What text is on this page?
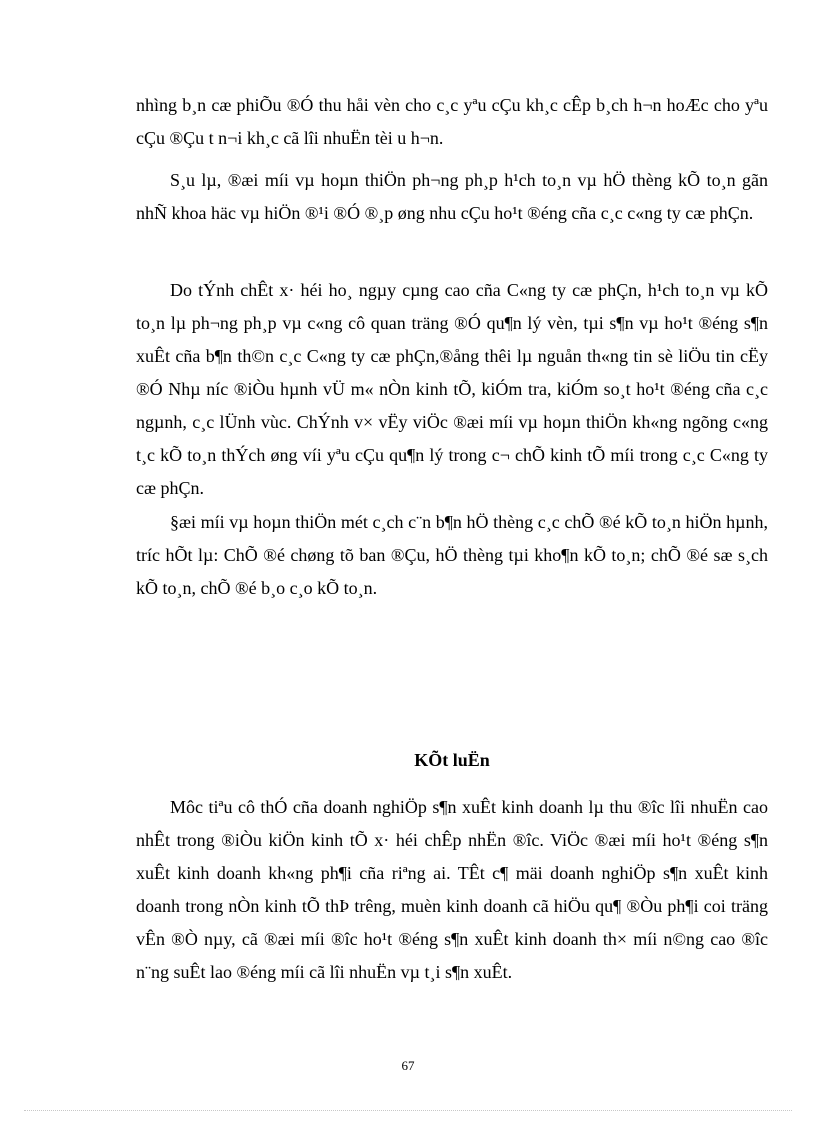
nhìng b¸n cæ phiÕu ®Ó thu håi vèn cho c¸c yªu cÇu kh¸c cÊp b¸ch h¬n hoÆc cho yªu cÇu ®Çu t n¬i kh¸c cã lîi nhuËn tèi u h¬n.

S¸u lµ, ®æi míi vµ hoµn thiÖn ph¬ng ph¸p h¹ch to¸n vµ hÖ thèng kÕ to¸n gãn nhÑ khoa häc vµ hiÖn ®¹i ®Ó ®¸p øng nhu cÇu ho¹t ®éng cña c¸c c«ng ty cæ phÇn.

Do tÝnh chÊt x· héi ho¸ ngµy cµng cao cña C«ng ty cæ phÇn, h¹ch to¸n vµ kÕ to¸n lµ ph¬ng ph¸p vµ c«ng cô quan träng ®Ó qu¶n lý vèn, tµi s¶n vµ ho¹t ®éng s¶n xuÊt cña b¶n th©n c¸c C«ng ty cæ phÇn,®ång thêi lµ nguån th«ng tin sè liÖu tin cËy ®Ó Nhµ níc ®iÒu hµnh vÜ m« nÒn kinh tÕ, kiÓm tra, kiÓm so¸t ho¹t ®éng cña c¸c ngµnh, c¸c lÜnh vùc. ChÝnh v× vËy viÖc ®æi míi vµ hoµn thiÖn kh«ng ngõng c«ng t¸c kÕ to¸n thÝch øng víi yªu cÇu qu¶n lý trong c¬ chÕ kinh tÕ míi trong c¸c C«ng ty cæ phÇn.

§æi míi vµ hoµn thiÖn mét c¸ch c¨n b¶n hÖ thèng c¸c chÕ ®é kÕ to¸n hiÖn hµnh, tríc hÕt lµ: ChÕ ®é chøng tõ ban ®Çu, hÖ thèng tµi kho¶n kÕ to¸n; chÕ ®é sæ s¸ch kÕ to¸n, chÕ ®é b¸o c¸o kÕ to¸n.

KÕt luËn

Môc tiªu cô thÓ cña doanh nghiÖp s¶n xuÊt kinh doanh lµ thu ®îc lîi nhuËn cao nhÊt trong ®iÒu kiÖn kinh tÕ x· héi chÊp nhËn ®îc. ViÖc ®æi míi ho¹t ®éng s¶n xuÊt kinh doanh kh«ng ph¶i cña riªng ai. TÊt c¶ mäi doanh nghiÖp s¶n xuÊt kinh doanh trong nÒn kinh tÕ thÞ trêng, muèn kinh doanh cã hiÖu qu¶ ®Òu ph¶i coi träng vÊn ®Ò nµy, cã ®æi míi ®îc ho¹t ®éng s¶n xuÊt kinh doanh th× míi n©ng cao ®îc n¨ng suÊt lao ®éng míi cã lîi nhuËn vµ t¸i s¶n xuÊt.

67
